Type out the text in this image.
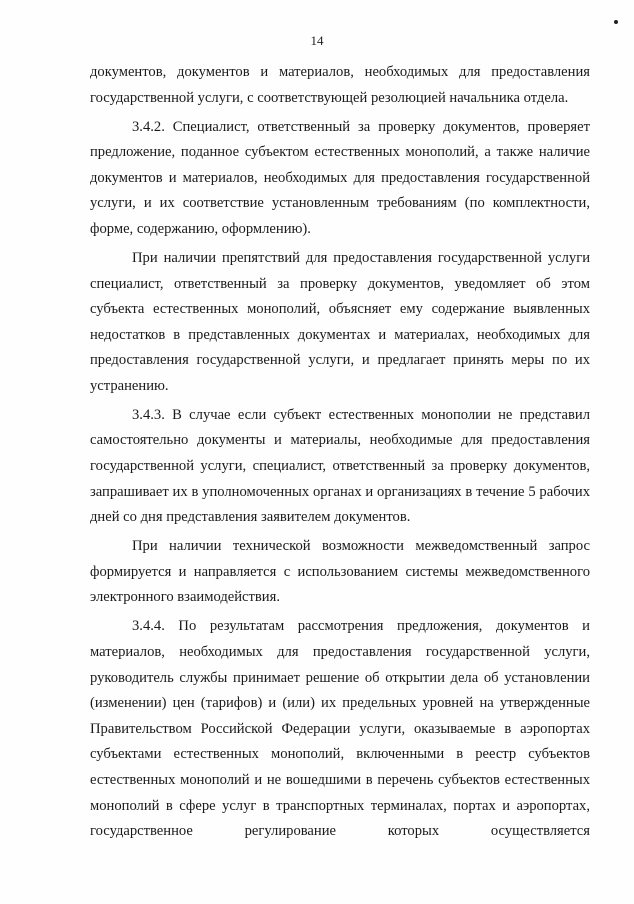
14

документов, документов и материалов, необходимых для предоставления государственной услуги, с соответствующей резолюцией начальника отдела.

3.4.2. Специалист, ответственный за проверку документов, проверяет предложение, поданное субъектом естественных монополий, а также наличие документов и материалов, необходимых для предоставления государственной услуги, и их соответствие установленным требованиям (по комплектности, форме, содержанию, оформлению).

При наличии препятствий для предоставления государственной услуги специалист, ответственный за проверку документов, уведомляет об этом субъекта естественных монополий, объясняет ему содержание выявленных недостатков в представленных документах и материалах, необходимых для предоставления государственной услуги, и предлагает принять меры по их устранению.

3.4.3. В случае если субъект естественных монополии не представил самостоятельно документы и материалы, необходимые для предоставления государственной услуги, специалист, ответственный за проверку документов, запрашивает их в уполномоченных органах и организациях в течение 5 рабочих дней со дня представления заявителем документов.

При наличии технической возможности межведомственный запрос формируется и направляется с использованием системы межведомственного электронного взаимодействия.

3.4.4. По результатам рассмотрения предложения, документов и материалов, необходимых для предоставления государственной услуги, руководитель службы принимает решение об открытии дела об установлении (изменении) цен (тарифов) и (или) их предельных уровней на утвержденные Правительством Российской Федерации услуги, оказываемые в аэропортах субъектами естественных монополий, включенными в реестр субъектов естественных монополий и не вошедшими в перечень субъектов естественных монополий в сфере услуг в транспортных терминалах, портах и аэропортах, государственное регулирование которых осуществляется
